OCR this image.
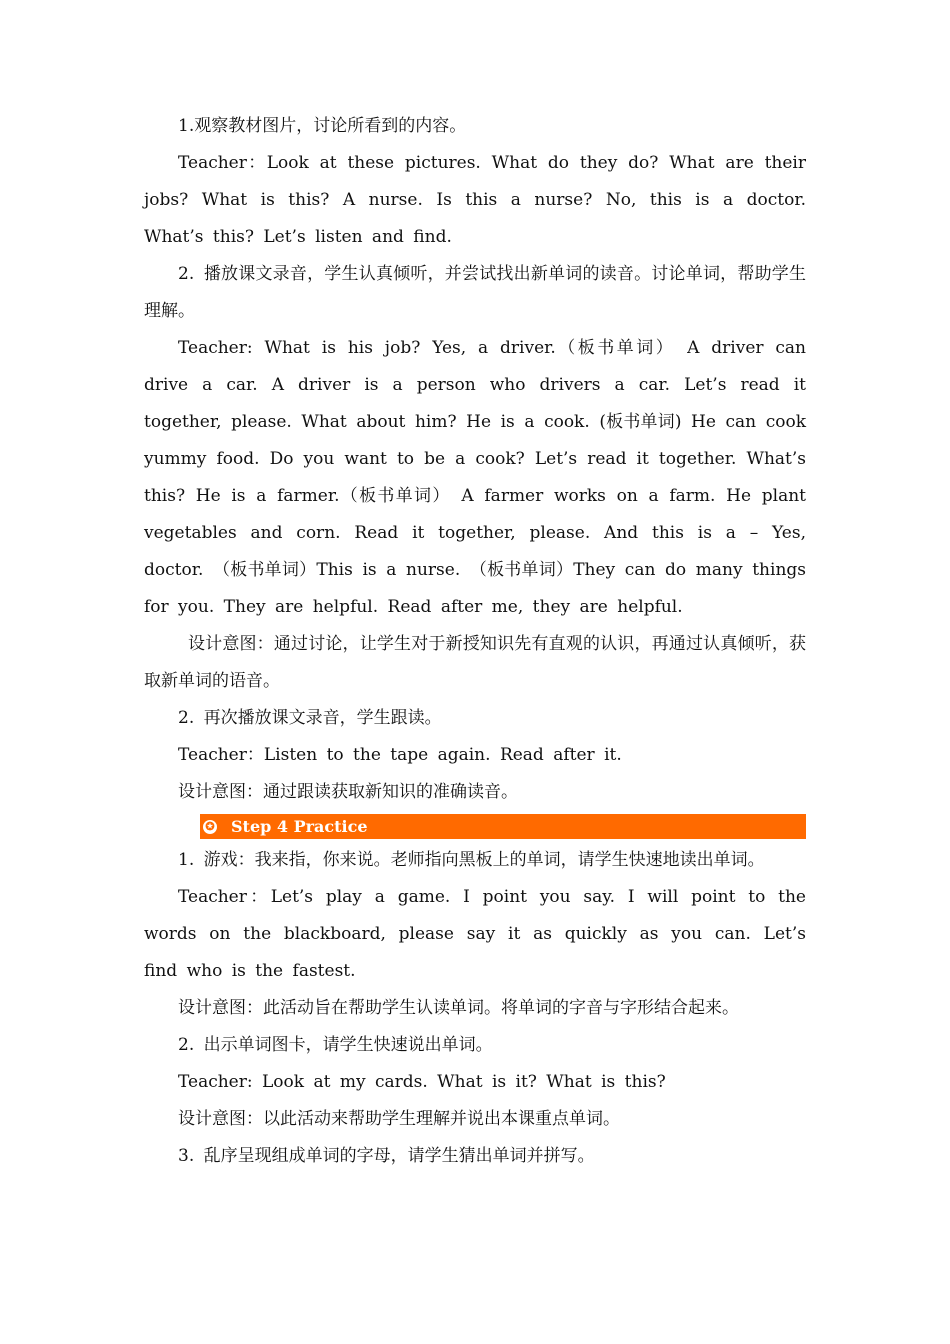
1.观察教材图片，讨论所看到的内容。

Teacher：Look at these pictures. What do they do? What are their jobs? What is this? A nurse. Is this a nurse? No, this is a doctor. What’s this? Let’s listen and find.

2. 播放课文录音，学生认真倾听，并尝试找出新单词的读音。讨论单词，帮助学生理解。

Teacher: What is his job? Yes, a driver.（板书单词） A driver can drive a car. A driver is a person who drivers a car. Let’s read it together, please. What about him? He is a cook. (板书单词) He can cook yummy food. Do you want to be a cook? Let’s read it together. What’s this? He is a farmer.（板书单词） A farmer works on a farm. He plant vegetables and corn. Read it together, please. And this is a – Yes, doctor. （板书单词）This is a nurse. （板书单词）They can do many things for you. They are helpful. Read after me, they are helpful.

设计意图：通过讨论，让学生对于新授知识先有直观的认识，再通过认真倾听，获取新单词的语音。

2. 再次播放课文录音，学生跟读。

Teacher：Listen to the tape again. Read after it.

设计意图：通过跟读获取新知识的准确读音。

✪ Step 4 Practice

1. 游戏：我来指，你来说。老师指向黑板上的单词，请学生快速地读出单词。

Teacher：Let’s play a game. I point you say. I will point to the words on the blackboard, please say it as quickly as you can. Let’s find who is the fastest.

设计意图：此活动旨在帮助学生认读单词。将单词的字音与字形结合起来。

2. 出示单词图卡，请学生快速说出单词。

Teacher: Look at my cards. What is it? What is this?

设计意图：以此活动来帮助学生理解并说出本课重点单词。

3. 乱序呈现组成单词的字母，请学生猜出单词并拼写。
